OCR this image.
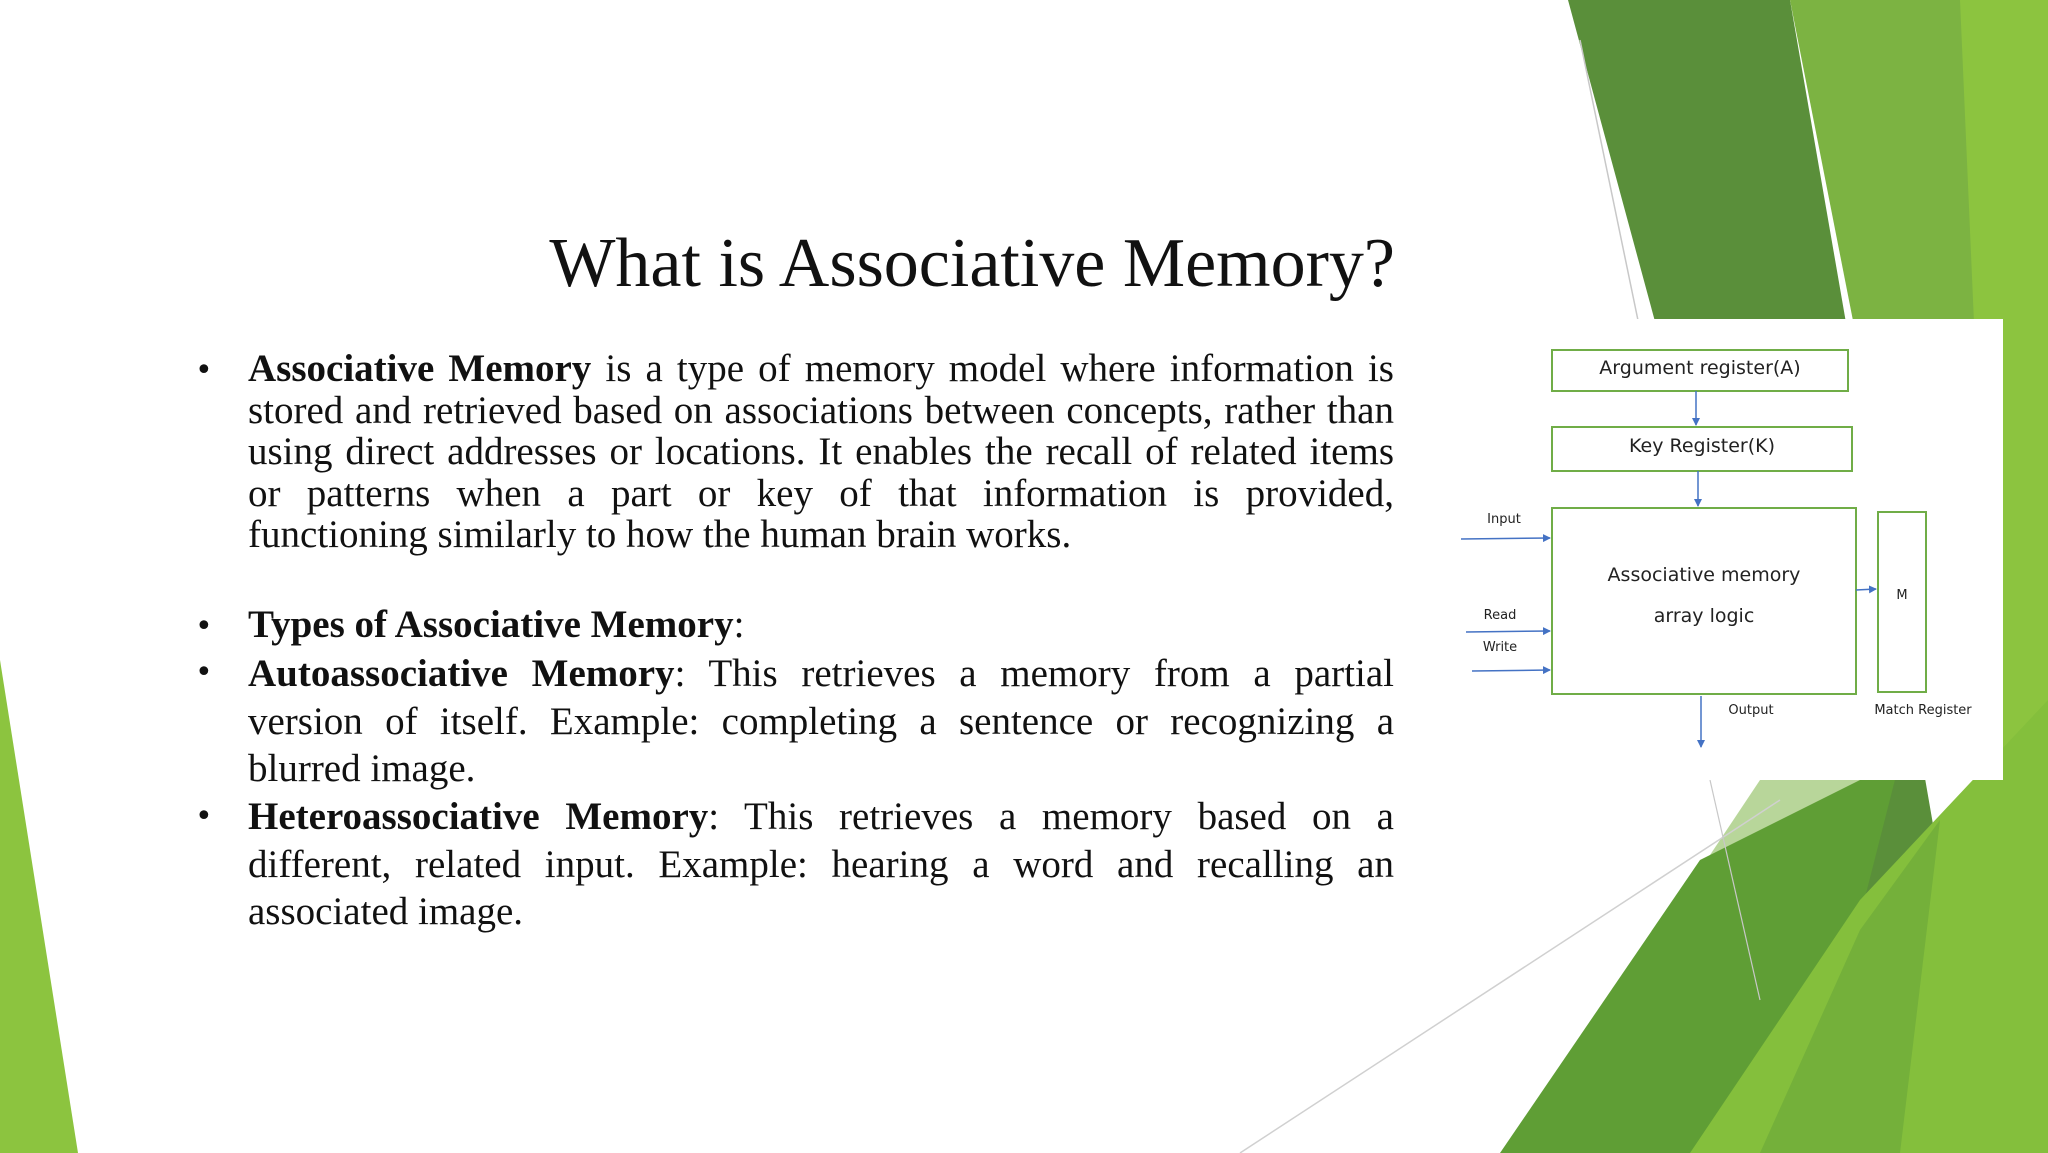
What is Associative Memory?
• Associative Memory is a type of memory model where information is stored and retrieved based on associations between concepts, rather than using direct addresses or locations. It enables the recall of related items or patterns when a part or key of that information is provided, functioning similarly to how the human brain works.
• Types of Associative Memory:
• Autoassociative Memory: This retrieves a memory from a partial version of itself. Example: completing a sentence or recognizing a blurred image.
• Heteroassociative Memory: This retrieves a memory based on a different, related input. Example: hearing a word and recalling an associated image.
Argument register(A)
Key Register(K)
Associative memory
array logic
M
Input
Read
Write
Output	Match Register
